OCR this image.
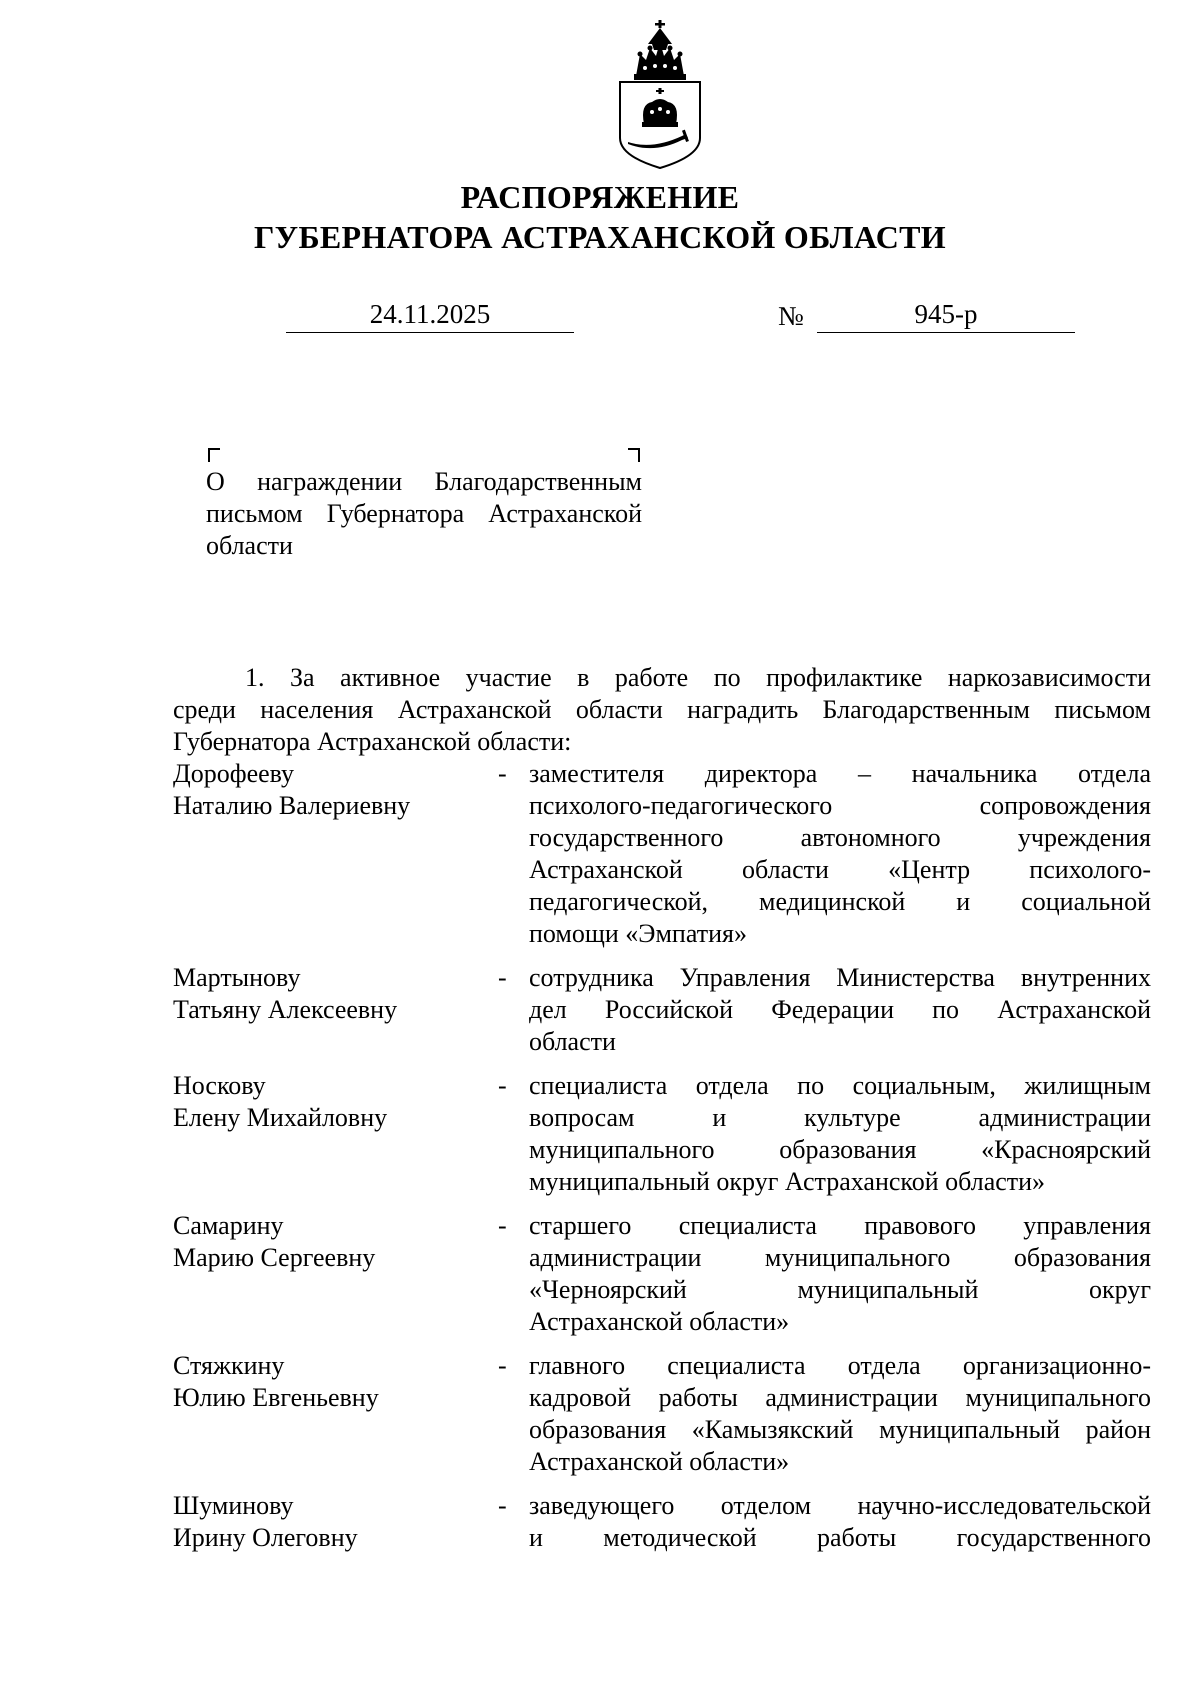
РАСПОРЯЖЕНИЕ
ГУБЕРНАТОРА АСТРАХАНСКОЙ ОБЛАСТИ
24.11.2025	№	945-р
О награждении Благодарственным
письмом Губернатора Астраханской
области
1. За активное участие в работе по профилактике наркозависимости
среди населения Астраханской области наградить Благодарственным письмом
Губернатора Астраханской области:
Дорофееву
Наталию Валериевну
- заместителя директора – начальника отдела
психолого-педагогического сопровождения
государственного автономного учреждения
Астраханской области «Центр психолого-
педагогической, медицинской и социальной
помощи «Эмпатия»
Мартынову
Татьяну Алексеевну
- сотрудника Управления Министерства внутренних
дел Российской Федерации по Астраханской
области
Носкову
Елену Михайловну
- специалиста отдела по социальным, жилищным
вопросам и культуре администрации
муниципального образования «Красноярский
муниципальный округ Астраханской области»
Самарину
Марию Сергеевну
- старшего специалиста правового управления
администрации муниципального образования
«Черноярский муниципальный округ
Астраханской области»
Стяжкину
Юлию Евгеньевну
- главного специалиста отдела организационно-
кадровой работы администрации муниципального
образования «Камызякский муниципальный район
Астраханской области»
Шуминову
Ирину Олеговну
- заведующего отделом научно-исследовательской
и методической работы государственного
